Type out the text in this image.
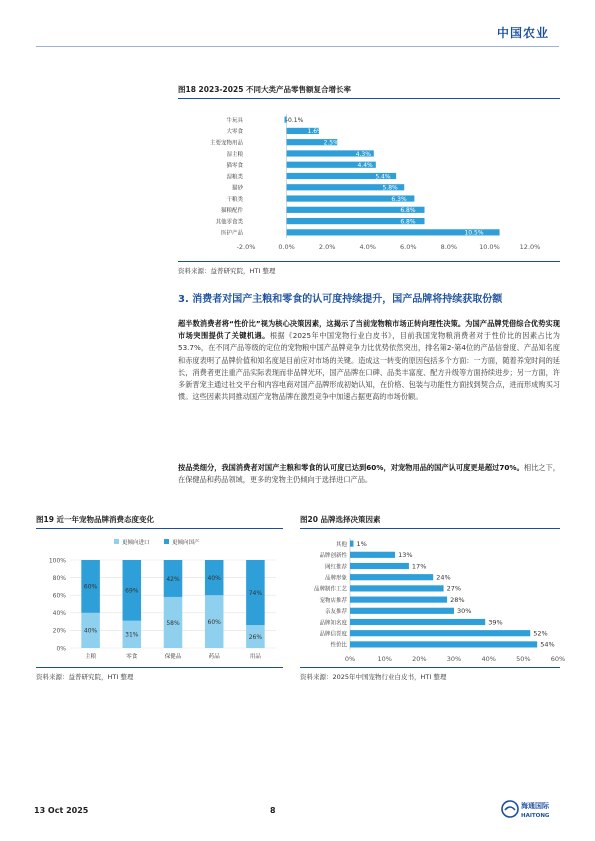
中国农业
图18 2023-2025 不同大类产品零售额复合增长率
牛玩具	-0.1%
大零食	1.6%
主要宠物用品	2.5%
湿主粮	4.3%
猫零食	4.4%
湿粮类	5.4%
猫砂	5.8%
干粮类	6.3%
猫粮配件	6.8%
其他零食类	6.8%
医护产品	10.5%
-2.0%	0.0%	2.0%	4.0%	6.0%	8.0%	10.0%	12.0%
资料来源：益普研究院，HTI 整理
3. 消费者对国产主粮和零食的认可度持续提升，国产品牌将持续获取份额

超半数消费者将“性价比”视为核心决策因素，这揭示了当前宠物粮市场正转向理性决策。为国产品牌凭借综合优势实现市场突围提供了关键机遇。根据《2025年中国宠物行业白皮书》，目前我国宠物粮消费者对于性价比的因素占比为53.7%，在不同产品等级的定位的宠物粮中国产品牌竞争力比优势依然突出，排名第2-第4位的产品信誉度、产品知名度和赤度表明了品牌价值和知名度是目前应对市场的关键。造成这一转变的原因包括多个方面：一方面，随着养宠时间的延长，消费者更注重产品实际表现而非品牌光环，国产品牌在口碑、品类丰富度、配方升级等方面持续进步；另一方面，许多新晋宠主通过社交平台和内容电商对国产品牌形成初始认知，在价格、包装与功能性方面找到契合点，进而形成购买习惯。这些因素共同推动国产宠物品牌在激烈竞争中加速占据更高的市场份额。

按品类细分，我国消费者对国产主粮和零食的认可度已达到60%，对宠物用品的国产认可度更是超过70%。相比之下，在保健品和药品领域，更多的宠物主仍倾向于选择进口产品。

图19 近一年宠物品牌消费态度变化
0%
20%
40%
60%
80%
100%
40%
60%
主粮
31%
69%
零食
58%
42%
保健品
60%
40%
药品
26%
74%
用品
更倾向进口	更倾向国产
资料来源：益普研究院，HTI 整理
图20 品牌选择决策因素
其他 1%
品牌创新性	13%
网红推荐	17%
品牌形象	24%
品牌制作工艺	27%
宠物店推荐	28%
亲友推荐	30%
品牌知名度	39%
品牌信誉度	52%
性价比	54%
0%	10%	20%	30%	40%	50%	60%
资料来源：2025年中国宠物行业白皮书，HTI 整理
13 Oct 2025	8	海通国际
HAITONG
